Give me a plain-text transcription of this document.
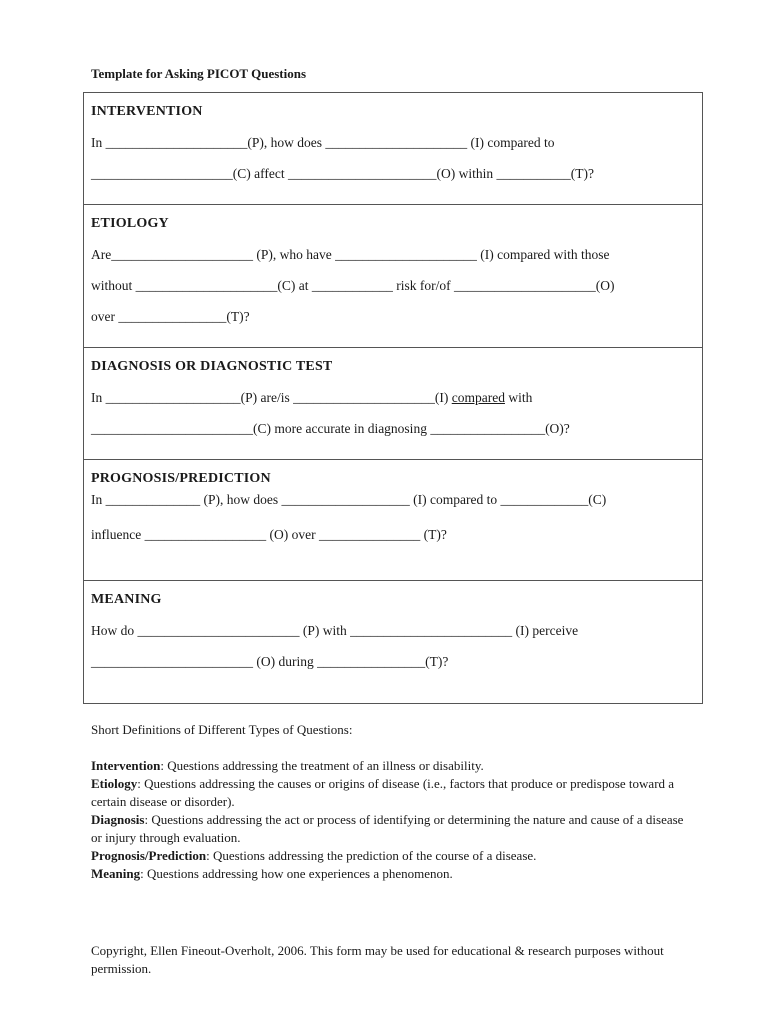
Template for Asking PICOT Questions
INTERVENTION
In _____________________(P), how does _____________________ (I) compared to
_____________________(C) affect ______________________(O) within ___________(T)?
ETIOLOGY
Are_____________________ (P), who have _____________________ (I) compared with those
without _____________________(C) at ____________ risk for/of _____________________(O)
over ________________(T)?
DIAGNOSIS OR DIAGNOSTIC TEST
In ____________________(P) are/is _____________________(I) compared with
________________________(C) more accurate in diagnosing _________________(O)?
PROGNOSIS/PREDICTION
In ______________ (P), how does ___________________ (I) compared to _____________(C)
influence __________________ (O) over _______________ (T)?
MEANING
How do ________________________ (P) with ________________________ (I) perceive
________________________ (O) during ________________(T)?
Short Definitions of Different Types of Questions:
Intervention: Questions addressing the treatment of an illness or disability.
Etiology: Questions addressing the causes or origins of disease (i.e., factors that produce or predispose toward a certain disease or disorder).
Diagnosis: Questions addressing the act or process of identifying or determining the nature and cause of a disease or injury through evaluation.
Prognosis/Prediction: Questions addressing the prediction of the course of a disease.
Meaning: Questions addressing how one experiences a phenomenon.
Copyright, Ellen Fineout-Overholt, 2006. This form may be used for educational & research purposes without permission.
